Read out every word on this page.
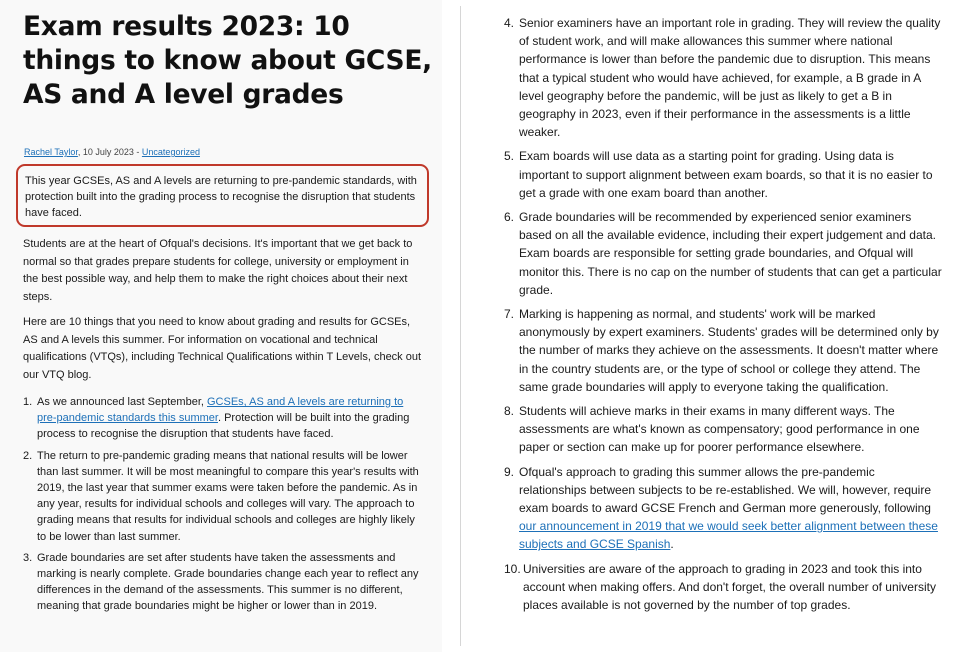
Exam results 2023: 10 things to know about GCSE, AS and A level grades
Rachel Taylor, 10 July 2023 - Uncategorized

This year GCSEs, AS and A levels are returning to pre-pandemic standards, with protection built into the grading process to recognise the disruption that students have faced.

Students are at the heart of Ofqual's decisions. It's important that we get back to normal so that grades prepare students for college, university or employment in the best possible way, and help them to make the right choices about their next steps.

Here are 10 things that you need to know about grading and results for GCSEs, AS and A levels this summer. For information on vocational and technical qualifications (VTQs), including Technical Qualifications within T Levels, check out our VTQ blog.

1. As we announced last September, GCSEs, AS and A levels are returning to pre-pandemic standards this summer. Protection will be built into the grading process to recognise the disruption that students have faced.
2. The return to pre-pandemic grading means that national results will be lower than last summer. It will be most meaningful to compare this year's results with 2019, the last year that summer exams were taken before the pandemic. As in any year, results for individual schools and colleges will vary. The approach to grading means that results for individual schools and colleges are highly likely to be lower than last summer.
3. Grade boundaries are set after students have taken the assessments and marking is nearly complete. Grade boundaries change each year to reflect any differences in the demand of the assessments. This summer is no different, meaning that grade boundaries might be higher or lower than in 2019.
4. Senior examiners have an important role in grading. They will review the quality of student work, and will make allowances this summer where national performance is lower than before the pandemic due to disruption. This means that a typical student who would have achieved, for example, a B grade in A level geography before the pandemic, will be just as likely to get a B in geography in 2023, even if their performance in the assessments is a little weaker.
5. Exam boards will use data as a starting point for grading. Using data is important to support alignment between exam boards, so that it is no easier to get a grade with one exam board than another.
6. Grade boundaries will be recommended by experienced senior examiners based on all the available evidence, including their expert judgement and data. Exam boards are responsible for setting grade boundaries, and Ofqual will monitor this. There is no cap on the number of students that can get a particular grade.
7. Marking is happening as normal, and students' work will be marked anonymously by expert examiners. Students' grades will be determined only by the number of marks they achieve on the assessments. It doesn't matter where in the country students are, or the type of school or college they attend. The same grade boundaries will apply to everyone taking the qualification.
8. Students will achieve marks in their exams in many different ways. The assessments are what's known as compensatory; good performance in one paper or section can make up for poorer performance elsewhere.
9. Ofqual's approach to grading this summer allows the pre-pandemic relationships between subjects to be re-established. We will, however, require exam boards to award GCSE French and German more generously, following our announcement in 2019 that we would seek better alignment between these subjects and GCSE Spanish.
10. Universities are aware of the approach to grading in 2023 and took this into account when making offers. And don't forget, the overall number of university places available is not governed by the number of top grades.
